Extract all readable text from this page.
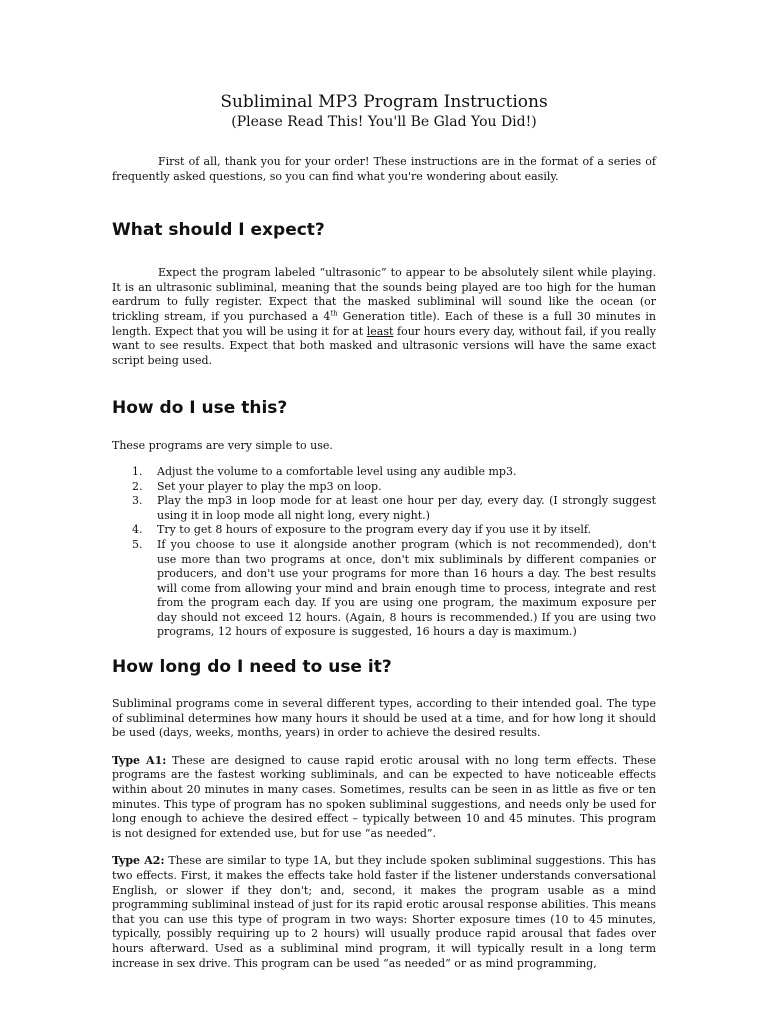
Subliminal MP3 Program Instructions
(Please Read This! You'll Be Glad You Did!)

First of all, thank you for your order! These instructions are in the format of a series of frequently asked questions, so you can find what you're wondering about easily.

What should I expect?

Expect the program labeled “ultrasonic” to appear to be absolutely silent while playing. It is an ultrasonic subliminal, meaning that the sounds being played are too high for the human eardrum to fully register. Expect that the masked subliminal will sound like the ocean (or trickling stream, if you purchased a 4th Generation title). Each of these is a full 30 minutes in length. Expect that you will be using it for at least four hours every day, without fail, if you really want to see results. Expect that both masked and ultrasonic versions will have the same exact script being used.

How do I use this?

These programs are very simple to use.

1. Adjust the volume to a comfortable level using any audible mp3.
2. Set your player to play the mp3 on loop.
3. Play the mp3 in loop mode for at least one hour per day, every day. (I strongly suggest using it in loop mode all night long, every night.)
4. Try to get 8 hours of exposure to the program every day if you use it by itself.
5. If you choose to use it alongside another program (which is not recommended), don't use more than two programs at once, don't mix subliminals by different companies or producers, and don't use your programs for more than 16 hours a day. The best results will come from allowing your mind and brain enough time to process, integrate and rest from the program each day. If you are using one program, the maximum exposure per day should not exceed 12 hours. (Again, 8 hours is recommended.) If you are using two programs, 12 hours of exposure is suggested, 16 hours a day is maximum.)
How long do I need to use it?

Subliminal programs come in several different types, according to their intended goal. The type of subliminal determines how many hours it should be used at a time, and for how long it should be used (days, weeks, months, years) in order to achieve the desired results.

Type A1: These are designed to cause rapid erotic arousal with no long term effects. These programs are the fastest working subliminals, and can be expected to have noticeable effects within about 20 minutes in many cases. Sometimes, results can be seen in as little as five or ten minutes. This type of program has no spoken subliminal suggestions, and needs only be used for long enough to achieve the desired effect – typically between 10 and 45 minutes. This program is not designed for extended use, but for use “as needed”.

Type A2: These are similar to type 1A, but they include spoken subliminal suggestions. This has two effects. First, it makes the effects take hold faster if the listener understands conversational English, or slower if they don't; and, second, it makes the program usable as a mind programming subliminal instead of just for its rapid erotic arousal response abilities. This means that you can use this type of program in two ways: Shorter exposure times (10 to 45 minutes, typically, possibly requiring up to 2 hours) will usually produce rapid arousal that fades over hours afterward. Used as a subliminal mind program, it will typically result in a long term increase in sex drive. This program can be used “as needed” or as mind programming,
